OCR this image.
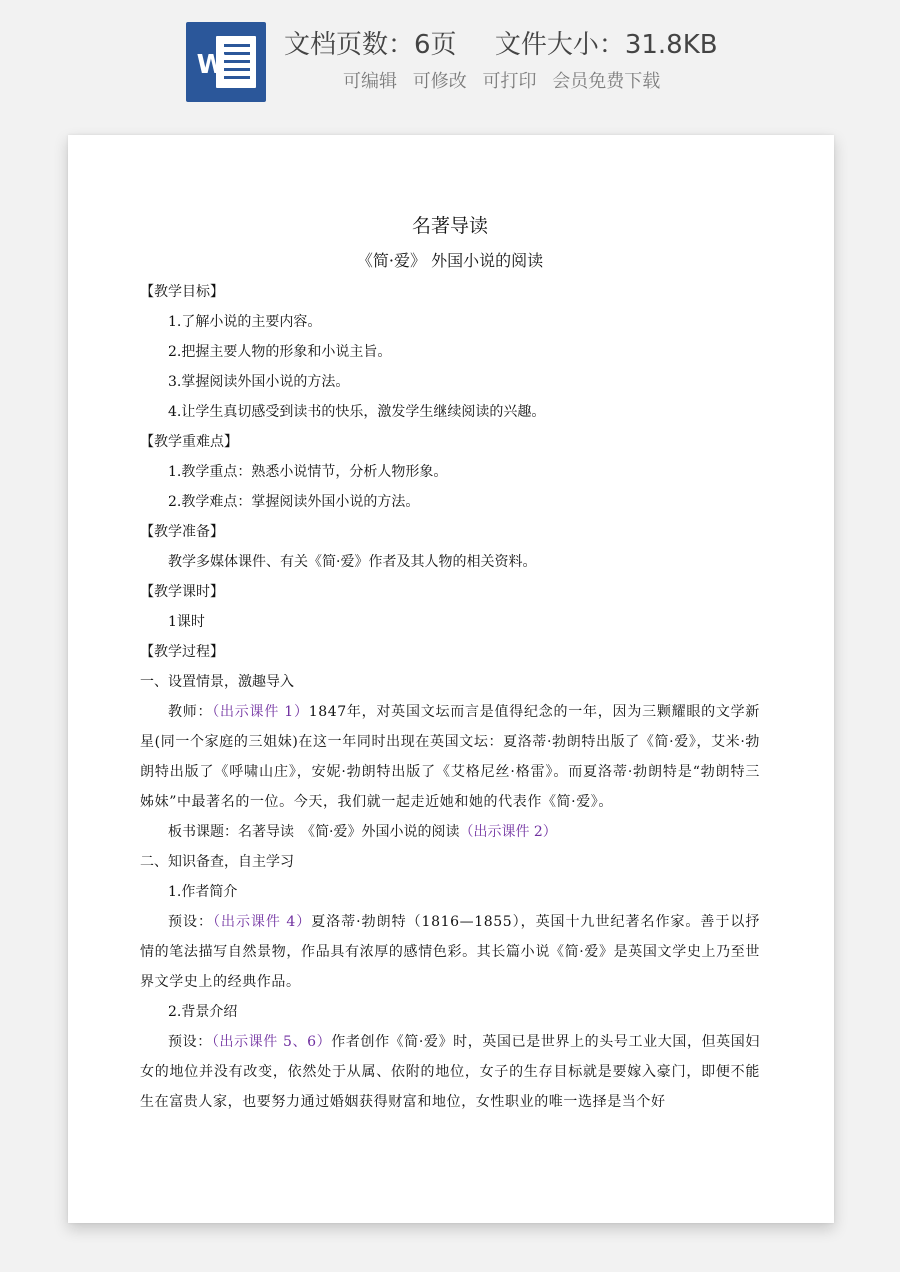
W
文档页数：6页 文件大小：31.8KB
可编辑 可修改 可打印 会员免费下载
名著导读
《简·爱》 外国小说的阅读
【教学目标】
1.了解小说的主要内容。
2.把握主要人物的形象和小说主旨。
3.掌握阅读外国小说的方法。
4.让学生真切感受到读书的快乐，激发学生继续阅读的兴趣。
【教学重难点】
1.教学重点：熟悉小说情节，分析人物形象。
2.教学难点：掌握阅读外国小说的方法。
【教学准备】
教学多媒体课件、有关《简·爱》作者及其人物的相关资料。
【教学课时】
1课时
【教学过程】
一、设置情景，激趣导入
教师：（出示课件 1）1847年，对英国文坛而言是值得纪念的一年，因为三颗耀眼的文学新星(同一个家庭的三姐妹)在这一年同时出现在英国文坛：夏洛蒂·勃朗特出版了《简·爱》，艾米·勃朗特出版了《呼啸山庄》，安妮·勃朗特出版了《艾格尼丝·格雷》。而夏洛蒂·勃朗特是“勃朗特三姊妹”中最著名的一位。今天，我们就一起走近她和她的代表作《简·爱》。
板书课题：名著导读　《简·爱》外国小说的阅读（出示课件 2）
二、知识备查，自主学习
1.作者简介
预设：（出示课件 4）夏洛蒂·勃朗特（1816—1855），英国十九世纪著名作家。善于以抒情的笔法描写自然景物，作品具有浓厚的感情色彩。其长篇小说《简·爱》是英国文学史上乃至世界文学史上的经典作品。
2.背景介绍
预设：（出示课件 5、6）作者创作《简·爱》时，英国已是世界上的头号工业大国，但英国妇女的地位并没有改变，依然处于从属、依附的地位，女子的生存目标就是要嫁入豪门，即便不能生在富贵人家，也要努力通过婚姻获得财富和地位，女性职业的唯一选择是当个好
